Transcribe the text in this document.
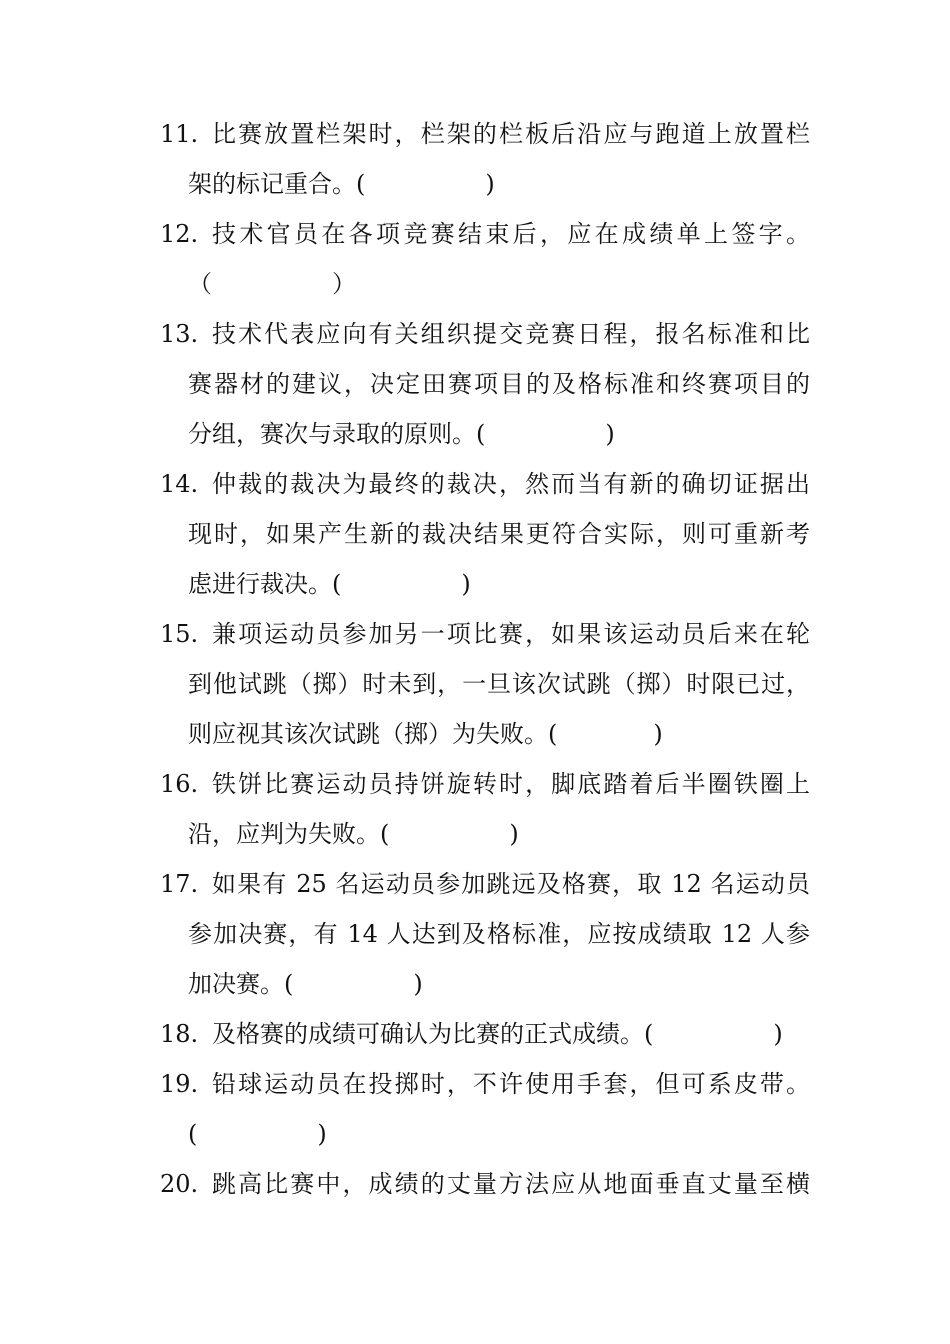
11. 比赛放置栏架时，栏架的栏板后沿应与跑道上放置栏
架的标记重合。(　　　　　)
12. 技术官员在各项竞赛结束后，应在成绩单上签字。
（　　　　　）
13. 技术代表应向有关组织提交竞赛日程，报名标准和比
赛器材的建议，决定田赛项目的及格标准和终赛项目的
分组，赛次与录取的原则。(　　　　　)
14. 仲裁的裁决为最终的裁决，然而当有新的确切证据出
现时，如果产生新的裁决结果更符合实际，则可重新考
虑进行裁决。(　　　　　)
15. 兼项运动员参加另一项比赛，如果该运动员后来在轮
到他试跳（掷）时未到，一旦该次试跳（掷）时限已过，
则应视其该次试跳（掷）为失败。(　　　　)
16. 铁饼比赛运动员持饼旋转时，脚底踏着后半圈铁圈上
沿，应判为失败。(　　　　　)
17. 如果有 25 名运动员参加跳远及格赛，取 12 名运动员
参加决赛，有 14 人达到及格标准，应按成绩取 12 人参
加决赛。(　　　　　)
18. 及格赛的成绩可确认为比赛的正式成绩。(　　　　　)
19. 铅球运动员在投掷时，不许使用手套，但可系皮带。
(　　　　　)
20. 跳高比赛中，成绩的丈量方法应从地面垂直丈量至横
